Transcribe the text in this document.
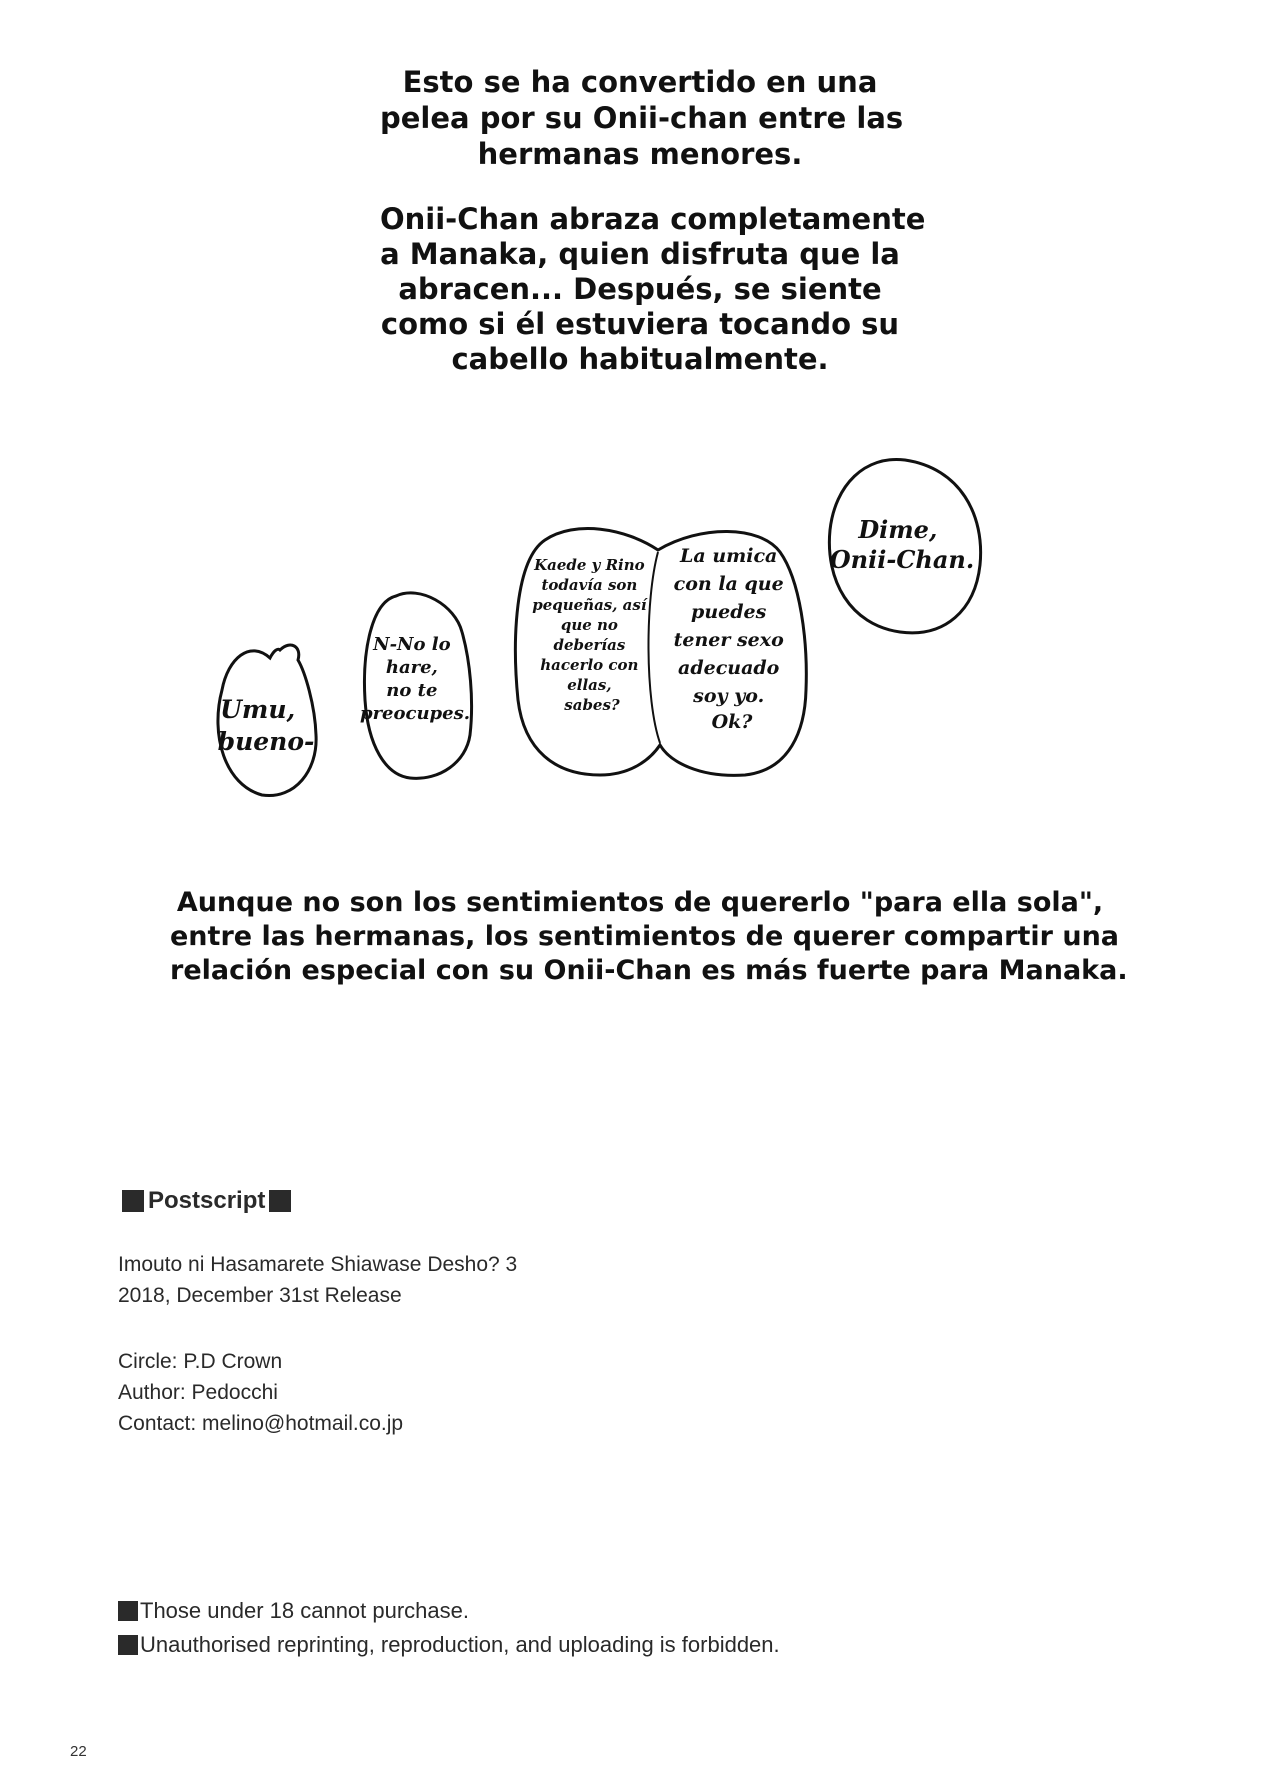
Esto se ha convertido en una
pelea por su Onii-chan entre las
hermanas menores.
Onii-Chan abraza completamente
a Manaka, quien disfruta que la
abracen... Después, se siente
como si él estuviera tocando su
cabello habitualmente.
Umu, bueno-
N-No lo hare, no te preocupes.
Kaede y Rino todavía son pequeñas, así que no deberías hacerlo con ellas, sabes?
La umica con la que puedes tener sexo adecuado soy yo. Ok?
Dime, Onii-Chan.
Aunque no son los sentimientos de quererlo "para ella sola",
entre las hermanas, los sentimientos de querer compartir una
relación especial con su Onii-Chan es más fuerte para Manaka.
Postscript
Imouto ni Hasamarete Shiawase Desho? 3
2018, December 31st Release
Circle: P.D Crown
Author: Pedocchi
Contact: melino@hotmail.co.jp
Those under 18 cannot purchase.
Unauthorised reprinting, reproduction, and uploading is forbidden.
22
